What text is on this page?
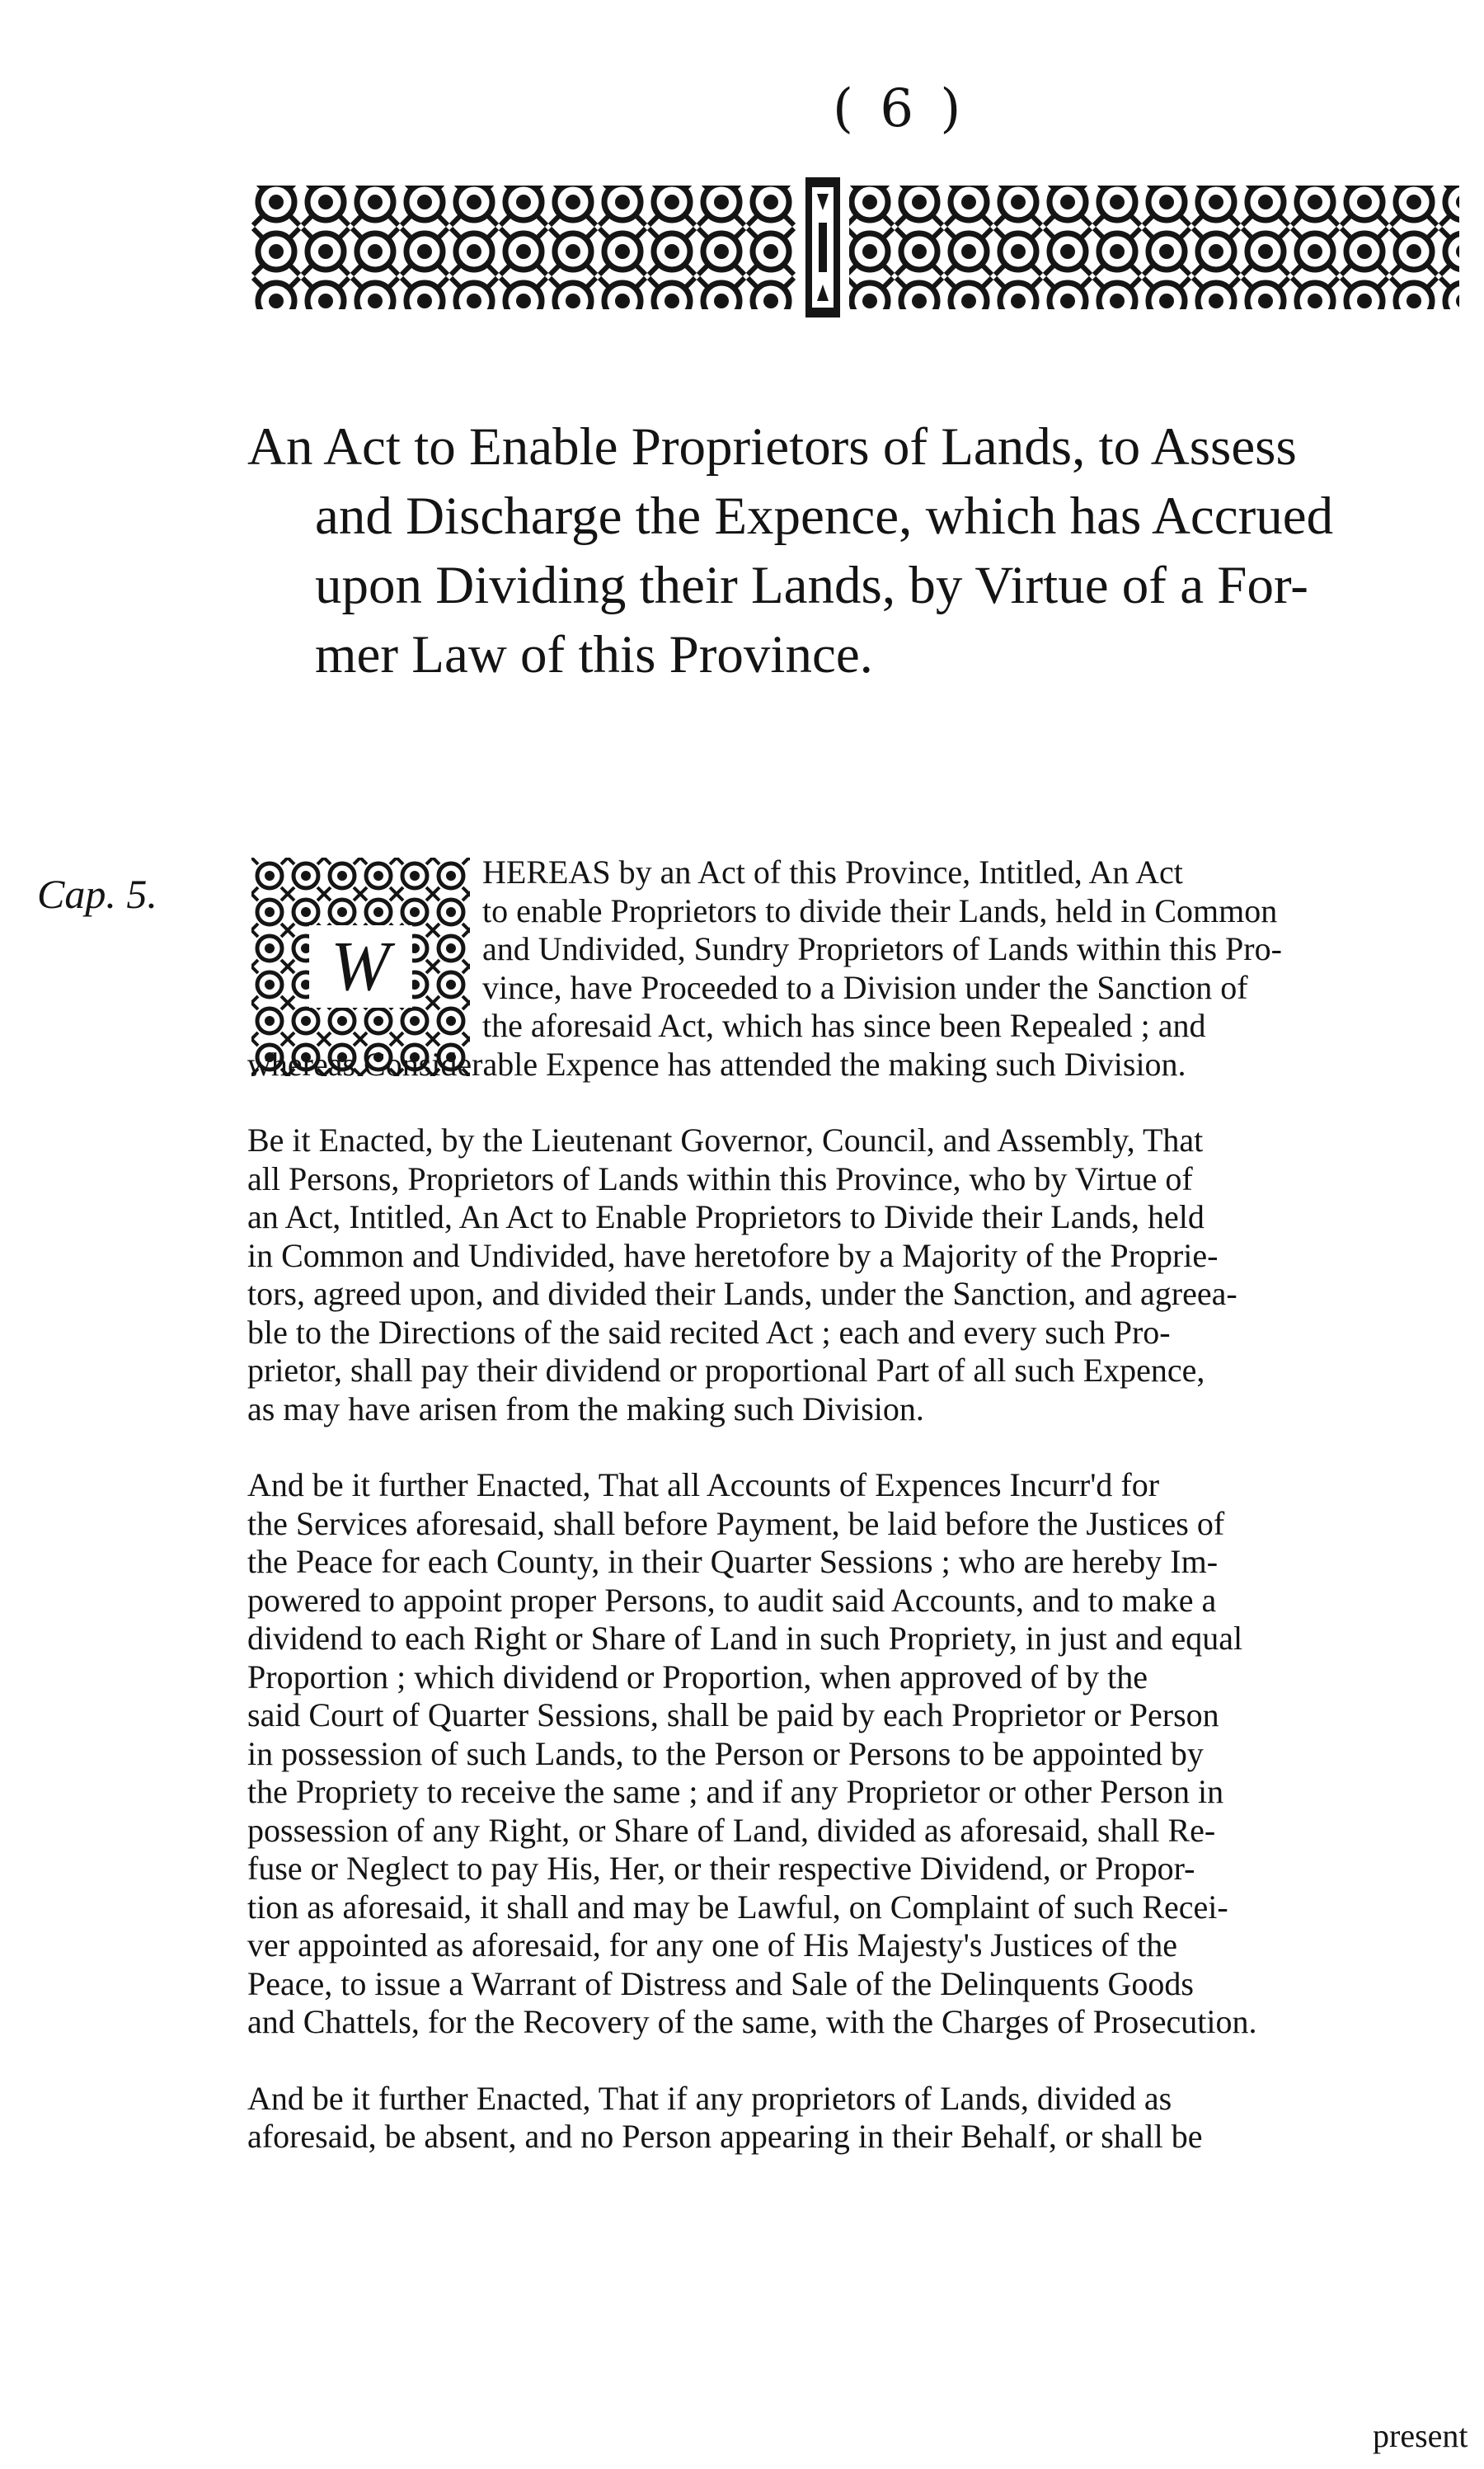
( 6 )
An Act to Enable Proprietors of Lands, to Assess
and Discharge the Expence, which has Accrued
upon Dividing their Lands, by Virtue of a For-
mer Law of this Province.
Cap. 5.
W
HEREAS by an Act of this Province, Intitled, An Act
to enable Proprietors to divide their Lands, held in Common
and Undivided, Sundry Proprietors of Lands within this Pro-
vince, have Proceeded to a Division under the Sanction of
the aforesaid Act, which has since been Repealed ; and
whereas Considerable Expence has attended the making such Division.
Be it Enacted, by the Lieutenant Governor, Council, and Assembly, That
all Persons, Proprietors of Lands within this Province, who by Virtue of
an Act, Intitled, An Act to Enable Proprietors to Divide their Lands, held
in Common and Undivided, have heretofore by a Majority of the Proprie-
tors, agreed upon, and divided their Lands, under the Sanction, and agreea-
ble to the Directions of the said recited Act ; each and every such Pro-
prietor, shall pay their dividend or proportional Part of all such Expence,
as may have arisen from the making such Division.
And be it further Enacted, That all Accounts of Expences Incurr'd for
the Services aforesaid, shall before Payment, be laid before the Justices of
the Peace for each County, in their Quarter Sessions ; who are hereby Im-
powered to appoint proper Persons, to audit said Accounts, and to make a
dividend to each Right or Share of Land in such Propriety, in just and equal
Proportion ; which dividend or Proportion, when approved of by the
said Court of Quarter Sessions, shall be paid by each Proprietor or Person
in possession of such Lands, to the Person or Persons to be appointed by
the Propriety to receive the same ; and if any Proprietor or other Person in
possession of any Right, or Share of Land, divided as aforesaid, shall Re-
fuse or Neglect to pay His, Her, or their respective Dividend, or Propor-
tion as aforesaid, it shall and may be Lawful, on Complaint of such Recei-
ver appointed as aforesaid, for any one of His Majesty's Justices of the
Peace, to issue a Warrant of Distress and Sale of the Delinquents Goods
and Chattels, for the Recovery of the same, with the Charges of Prosecution.
And be it further Enacted, That if any proprietors of Lands, divided as
aforesaid, be absent, and no Person appearing in their Behalf, or shall be
present
